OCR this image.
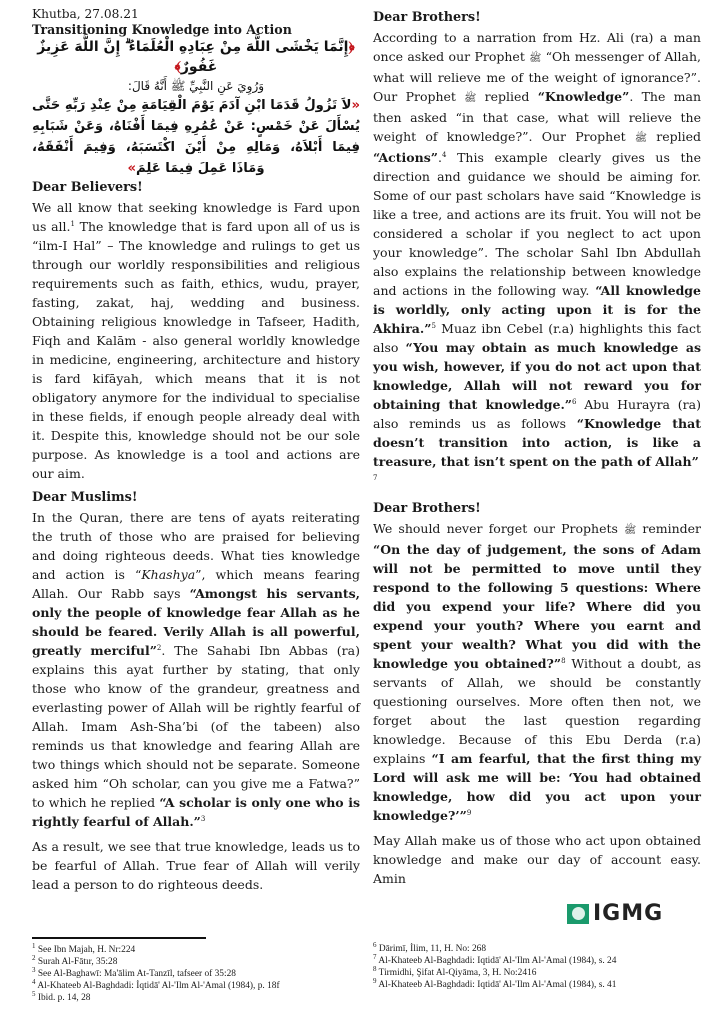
Khutba, 27.08.21
Transitioning Knowledge into Action
﴿إِنَّمَا يَخْشَى اللَّهَ مِنْ عِبَادِهِ الْعُلَمَاءُ ۗ إِنَّ اللَّهَ عَزِيزٌ غَفُورٌ﴾
وَرُوِيَ عَنِ النَّبِيِّ ﷺ أَنَّهُ قَالَ:
«لاَ تَزُولُ قَدَمَا ابْنِ آدَمَ يَوْمَ الْقِيَامَةِ مِنْ عِنْدِ رَبِّهِ حَتَّى يُسْأَلَ عَنْ خَمْسٍ: عَنْ عُمُرِهِ فِيمَا أَفْنَاهُ، وَعَنْ شَبَابِهِ فِيمَا أَبْلاَهُ، وَمَالِهِ مِنْ أَيْنَ اكْتَسَبَهُ، وَفِيمَ أَنْفَقَهُ، وَمَاذَا عَمِلَ فِيمَا عَلِمَ»
Dear Believers!

We all know that seeking knowledge is Fard upon us all.$^1$ The knowledge that is fard upon all of us is “ilm-I Hal” – The knowledge and rulings to get us through our worldly responsibilities and religious requirements such as faith, ethics, wudu, prayer, fasting, zakat, haj, wedding and business. Obtaining religious knowledge in Tafseer, Hadith, Fiqh and Kalām - also general worldly knowledge in medicine, engineering, architecture and history is fard kifāyah, which means that it is not obligatory anymore for the individual to specialise in these fields, if enough people already deal with it. Despite this, knowledge should not be our sole purpose. As knowledge is a tool and actions are our aim.

Dear Muslims!

In the Quran, there are tens of ayats reiterating the truth of those who are praised for believing and doing righteous deeds. What ties knowledge and action is “Khashya”, which means fearing Allah. Our Rabb says “Amongst his servants, only the people of knowledge fear Allah as he should be feared. Verily Allah is all powerful, greatly merciful”$^2$. The Sahabi Ibn Abbas (ra) explains this ayat further by stating, that only those who know of the grandeur, greatness and everlasting power of Allah will be rightly fearful of Allah. Imam Ash-Sha’bi (of the tabeen) also reminds us that knowledge and fearing Allah are two things which should not be separate. Someone asked him “Oh scholar, can you give me a Fatwa?” to which he replied “A scholar is only one who is rightly fearful of Allah.”$^3$

As a result, we see that true knowledge, leads us to be fearful of Allah. True fear of Allah will verily lead a person to do righteous deeds.

Dear Brothers!

According to a narration from Hz. Ali (ra) a man once asked our Prophet ﷺ “Oh messenger of Allah, what will relieve me of the weight of ignorance?”. Our Prophet ﷺ replied “Knowledge”. The man then asked “in that case, what will relieve the weight of knowledge?”. Our Prophet ﷺ replied “Actions”.$^4$ This example clearly gives us the direction and guidance we should be aiming for. Some of our past scholars have said “Knowledge is like a tree, and actions are its fruit. You will not be considered a scholar if you neglect to act upon your knowledge”. The scholar Sahl Ibn Abdullah also explains the relationship between knowledge and actions in the following way. “All knowledge is worldly, only acting upon it is for the Akhira.”$^5$ Muaz ibn Cebel (r.a) highlights this fact also “You may obtain as much knowledge as you wish, however, if you do not act upon that knowledge, Allah will not reward you for obtaining that knowledge.”$^6$ Abu Hurayra (ra) also reminds us as follows “Knowledge that doesn’t transition into action, is like a treasure, that isn’t spent on the path of Allah”
$^7$

Dear Brothers!

We should never forget our Prophets ﷺ reminder “On the day of judgement, the sons of Adam will not be permitted to move until they respond to the following 5 questions: Where did you expend your life? Where did you expend your youth? Where you earnt and spent your wealth? What you did with the knowledge you obtained?”$^8$ Without a doubt, as servants of Allah, we should be constantly questioning ourselves. More often then not, we forget about the last question regarding knowledge. Because of this Ebu Derda (r.a) explains “I am fearful, that the first thing my Lord will ask me will be: ‘You had obtained knowledge, how did you act upon your knowledge?’”$^9$

May Allah make us of those who act upon obtained knowledge and make our day of account easy. Amin

IGMG
$^1$ See Ibn Majah, H. Nr:224
$^2$ Surah Al-Fātır, 35:28
$^3$ See Al-Baghawī: Ma'ālim At-Tanzīl, tafseer of 35:28
$^4$ Al-Khateeb Al-Baghdadi: İqtidā' Al-'Ilm Al-'Amal (1984), p. 18f
$^5$ Ibid. p. 14, 28
$^6$ Dārimī, İlim, 11, H. No: 268
$^7$ Al-Khateeb Al-Baghdadi: Iqtidā' Al-'Ilm Al-'Amal (1984), s. 24
$^8$ Tirmidhi, Şifat Al-Qiyāma, 3, H. No:2416
$^9$ Al-Khateeb Al-Baghdadi: Iqtidā' Al-'Ilm Al-'Amal (1984), s. 41
